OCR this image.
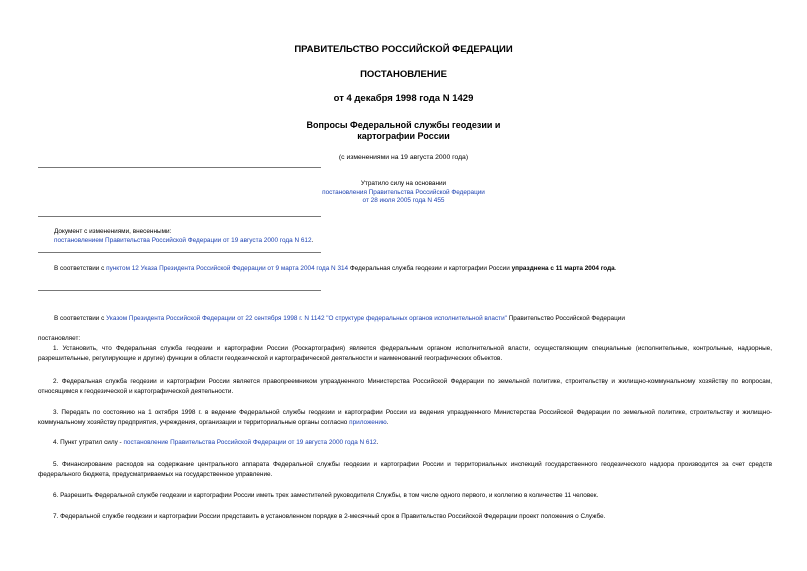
ПРАВИТЕЛЬСТВО РОССИЙСКОЙ ФЕДЕРАЦИИ
ПОСТАНОВЛЕНИЕ
от 4 декабря 1998 года N 1429
Вопросы Федеральной службы геодезии и
картографии России
(с изменениями на 19 августа 2000 года)
Утратило силу на основании
постановления Правительства Российской Федерации
от 28 июля 2005 года N 455
Документ с изменениями, внесенными:
постановлением Правительства Российской Федерации от 19 августа 2000 года N 612.
В соответствии с пунктом 12 Указа Президента Российской Федерации от 9 марта 2004 года N 314 Федеральная служба геодезии и картографии России упразднена с 11 марта 2004 года.
В соответствии с Указом Президента Российской Федерации от 22 сентября 1998 г. N 1142 "О структуре федеральных органов исполнительной власти" Правительство Российской Федерации
постановляет:
1. Установить, что Федеральная служба геодезии и картографии России (Роскартография) является федеральным органом исполнительной власти, осуществляющим специальные (исполнительные, контрольные, надзорные, разрешительные, регулирующие и другие) функции в области геодезической и картографической деятельности и наименований географических объектов.
2. Федеральная служба геодезии и картографии России является правопреемником упраздненного Министерства Российской Федерации по земельной политике, строительству и жилищно-коммунальному хозяйству по вопросам, относящимся к геодезической и картографической деятельности.
3. Передать по состоянию на 1 октября 1998 г. в ведение Федеральной службы геодезии и картографии России из ведения упраздненного Министерства Российской Федерации по земельной политике, строительству и жилищно-коммунальному хозяйству предприятия, учреждения, организации и территориальные органы согласно приложению.
4. Пункт утратил силу - постановление Правительства Российской Федерации от 19 августа 2000 года N 612.
5. Финансирование расходов на содержание центрального аппарата Федеральной службы геодезии и картографии России и территориальных инспекций государственного геодезического надзора производится за счет средств федерального бюджета, предусматриваемых на государственное управление.
6. Разрешить Федеральной службе геодезии и картографии России иметь трех заместителей руководителя Службы, в том числе одного первого, и коллегию в количестве 11 человек.
7. Федеральной службе геодезии и картографии России представить в установленном порядке в 2-месячный срок в Правительство Российской Федерации проект положения о Службе.
